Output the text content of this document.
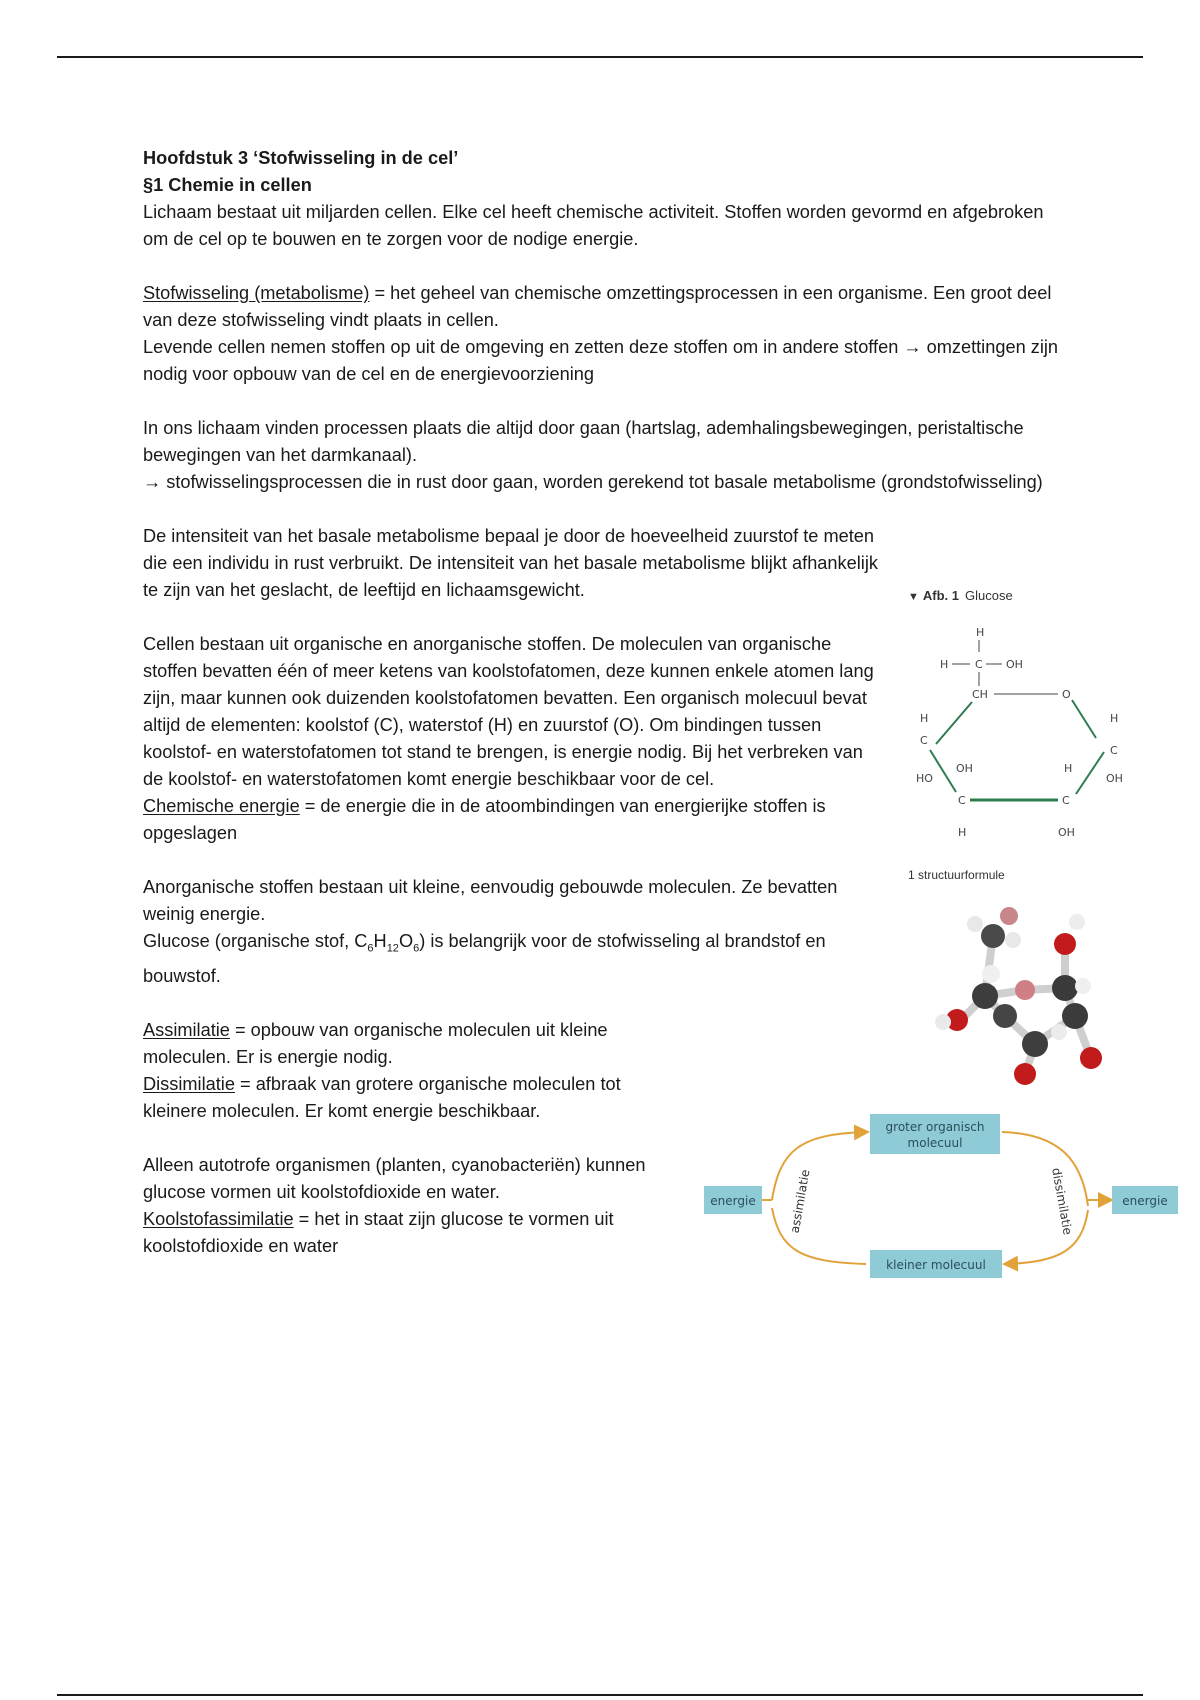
Hoofdstuk 3 ‘Stofwisseling in de cel’

§1 Chemie in cellen

Lichaam bestaat uit miljarden cellen. Elke cel heeft chemische activiteit. Stoffen worden gevormd en afgebroken om de cel op te bouwen en te zorgen voor de nodige energie.

Stofwisseling (metabolisme) = het geheel van chemische omzettingsprocessen in een organisme. Een groot deel van deze stofwisseling vindt plaats in cellen.

Levende cellen nemen stoffen op uit de omgeving en zetten deze stoffen om in andere stoffen → omzettingen zijn nodig voor opbouw van de cel en de energievoorziening

In ons lichaam vinden processen plaats die altijd door gaan (hartslag, ademhalingsbewegingen, peristaltische bewegingen van het darmkanaal).

→ stofwisselingsprocessen die in rust door gaan, worden gerekend tot basale metabolisme (grondstofwisseling)

De intensiteit van het basale metabolisme bepaal je door de hoeveelheid zuurstof te meten die een individu in rust verbruikt. De intensiteit van het basale metabolisme blijkt afhankelijk te zijn van het geslacht, de leeftijd en lichaamsgewicht.

Cellen bestaan uit organische en anorganische stoffen. De moleculen van organische stoffen bevatten één of meer ketens van koolstofatomen, deze kunnen enkele atomen lang zijn, maar kunnen ook duizenden koolstofatomen bevatten. Een organisch molecuul bevat altijd de elementen: koolstof (C), waterstof (H) en zuurstof (O). Om bindingen tussen koolstof- en waterstofatomen tot stand te brengen, is energie nodig. Bij het verbreken van de koolstof- en waterstofatomen komt energie beschikbaar voor de cel.

Chemische energie = de energie die in de atoombindingen van energierijke stoffen is opgeslagen

Anorganische stoffen bestaan uit kleine, eenvoudig gebouwde moleculen. Ze bevatten weinig energie.

Glucose (organische stof, $C_6H_{12}O_6$) is belangrijk voor de stofwisseling al brandstof en bouwstof.

Assimilatie = opbouw van organische moleculen uit kleine moleculen. Er is energie nodig.

Dissimilatie = afbraak van grotere organische moleculen tot kleinere moleculen. Er komt energie beschikbaar.

Alleen autotrofe organismen (planten, cyanobacteriën) kunnen glucose vormen uit koolstofdioxide en water.

Koolstofassimilatie = het in staat zijn glucose te vormen uit koolstofdioxide en water

▼ Afb. 1 Glucose
H
H C OH
CH	O
H
C
HO
H
C
OH
C	C
OH	H
H	OH
1 structuurformule
energie	energie
groter organisch
molecuul
kleiner molecuul
assimilatie	dissimilatie
